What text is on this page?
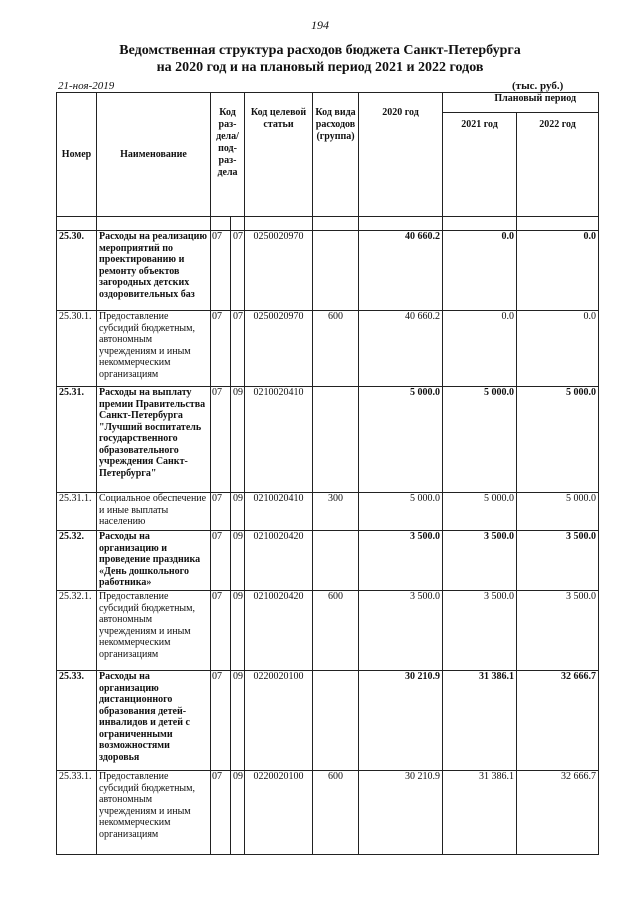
194
Ведомственная структура расходов бюджета Санкт-Петербурга
на 2020 год и на плановый период 2021 и 2022 годов
21-ноя-2019	(тыс. руб.)
Номер	Наименование	Код раз-дела/ под-раз-дела		Код целевой статьи	Код вида расходов (группа)	2020 год	Плановый период	
							2021 год	2022 год

25.30.	Расходы на реализацию мероприятий по проектированию и ремонту объектов загородных детских оздоровительных баз	07	07	0250020970		40 660.2	0.0	0.0
25.30.1.	Предоставление субсидий бюджетным, автономным учреждениям и иным некоммерческим организациям	07	07	0250020970	600	40 660.2	0.0	0.0
25.31.	Расходы на выплату премии Правительства Санкт-Петербурга "Лучший воспитатель государственного образовательного учреждения Санкт-Петербурга"	07	09	0210020410		5 000.0	5 000.0	5 000.0
25.31.1.	Социальное обеспечение и иные выплаты населению	07	09	0210020410	300	5 000.0	5 000.0	5 000.0
25.32.	Расходы на организацию и проведение праздника «День дошкольного работника»	07	09	0210020420		3 500.0	3 500.0	3 500.0
25.32.1.	Предоставление субсидий бюджетным, автономным учреждениям и иным некоммерческим организациям	07	09	0210020420	600	3 500.0	3 500.0	3 500.0
25.33.	Расходы на организацию дистанционного образования детей-инвалидов и детей с ограниченными возможностями здоровья	07	09	0220020100		30 210.9	31 386.1	32 666.7
25.33.1.	Предоставление субсидий бюджетным, автономным учреждениям и иным некоммерческим организациям	07	09	0220020100	600	30 210.9	31 386.1	32 666.7
